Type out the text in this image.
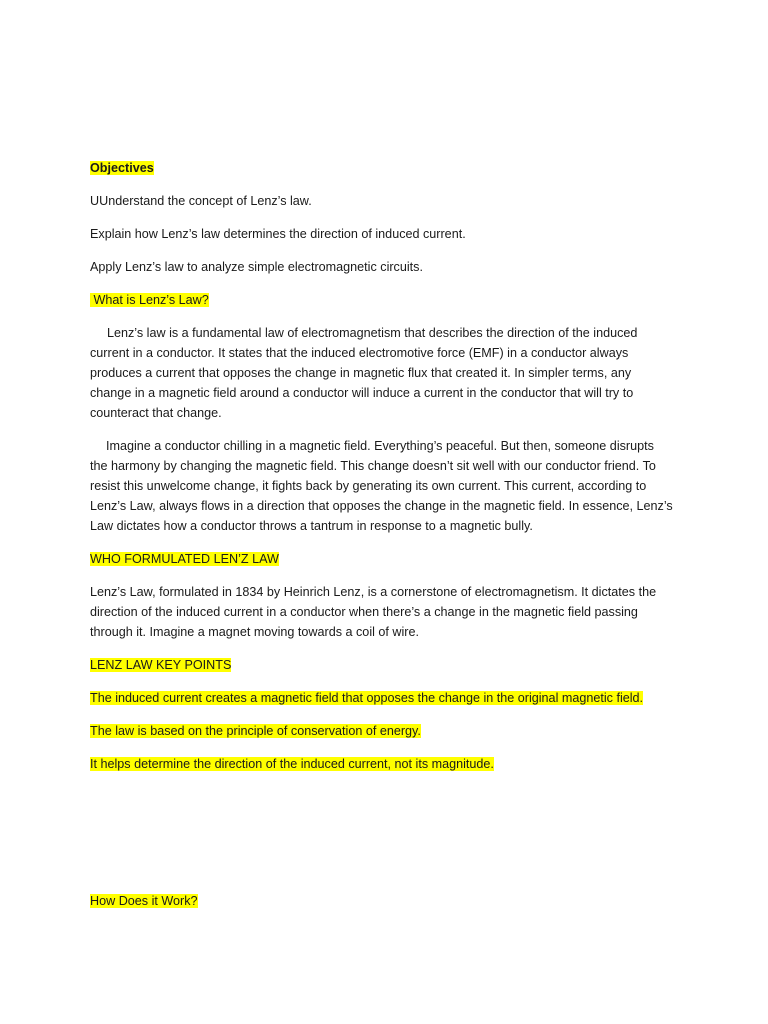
Objectives

UUnderstand the concept of Lenz’s law.

Explain how Lenz’s law determines the direction of induced current.

Apply Lenz’s law to analyze simple electromagnetic circuits.

What is Lenz’s Law?

Lenz’s law is a fundamental law of electromagnetism that describes the direction of the induced current in a conductor. It states that the induced electromotive force (EMF) in a conductor always produces a current that opposes the change in magnetic flux that created it. In simpler terms, any change in a magnetic field around a conductor will induce a current in the conductor that will try to counteract that change.

Imagine a conductor chilling in a magnetic field. Everything’s peaceful. But then, someone disrupts the harmony by changing the magnetic field. This change doesn’t sit well with our conductor friend. To resist this unwelcome change, it fights back by generating its own current. This current, according to Lenz’s Law, always flows in a direction that opposes the change in the magnetic field. In essence, Lenz’s Law dictates how a conductor throws a tantrum in response to a magnetic bully.

WHO FORMULATED LEN’Z LAW

Lenz’s Law, formulated in 1834 by Heinrich Lenz, is a cornerstone of electromagnetism. It dictates the direction of the induced current in a conductor when there’s a change in the magnetic field passing through it. Imagine a magnet moving towards a coil of wire.

LENZ LAW KEY POINTS

The induced current creates a magnetic field that opposes the change in the original magnetic field.

The law is based on the principle of conservation of energy.

It helps determine the direction of the induced current, not its magnitude.

How Does it Work?
